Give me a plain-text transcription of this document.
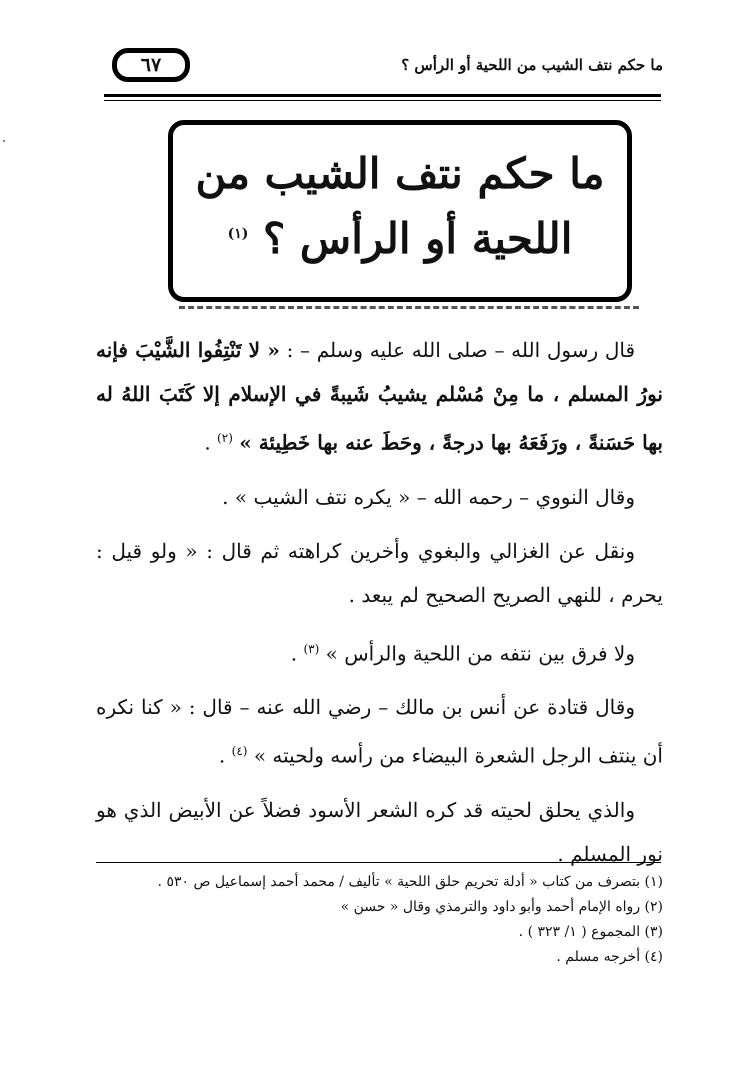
ما حكم نتف الشيب من اللحية أو الرأس ؟
٦٧
ما حكم نتف الشيب من
اللحية أو الرأس ؟ $^{(١)}$

قال رسول الله – صلى الله عليه وسلم – : « لا تَنْتِفُوا الشَّيْبَ فإنه نورُ المسلم ، ما مِنْ مُسْلم يشيبُ شَيبةً في الإسلام إلا كَتَبَ اللهُ له بها حَسَنةً ، ورَفَعَهُ بها درجةً ، وحَطَ عنه بها خَطِيئة » $^{(٢)}$ .

وقال النووي – رحمه الله – « يكره نتف الشيب » .

ونقل عن الغزالي والبغوي وأخرين كراهته ثم قال : « ولو قيل : يحرم ، للنهي الصريح الصحيح لم يبعد .

ولا فرق بين نتفه من اللحية والرأس » $^{(٣)}$ .

وقال قتادة عن أنس بن مالك – رضي الله عنه – قال : « كنا نكره أن ينتف الرجل الشعرة البيضاء من رأسه ولحيته » $^{(٤)}$ .

والذي يحلق لحيته قد كره الشعر الأسود فضلاً عن الأبيض الذي هو نور المسلم .

(١) بتصرف من كتاب « أدلة تحريم حلق اللحية » تأليف / محمد أحمد إسماعيل ص ٥٣٠ .
(٢) رواه الإمام أحمد وأبو داود والترمذي وقال « حسن »
(٣) المجموع ( ١/ ٣٢٣ ) .
(٤) أخرجه مسلم .
